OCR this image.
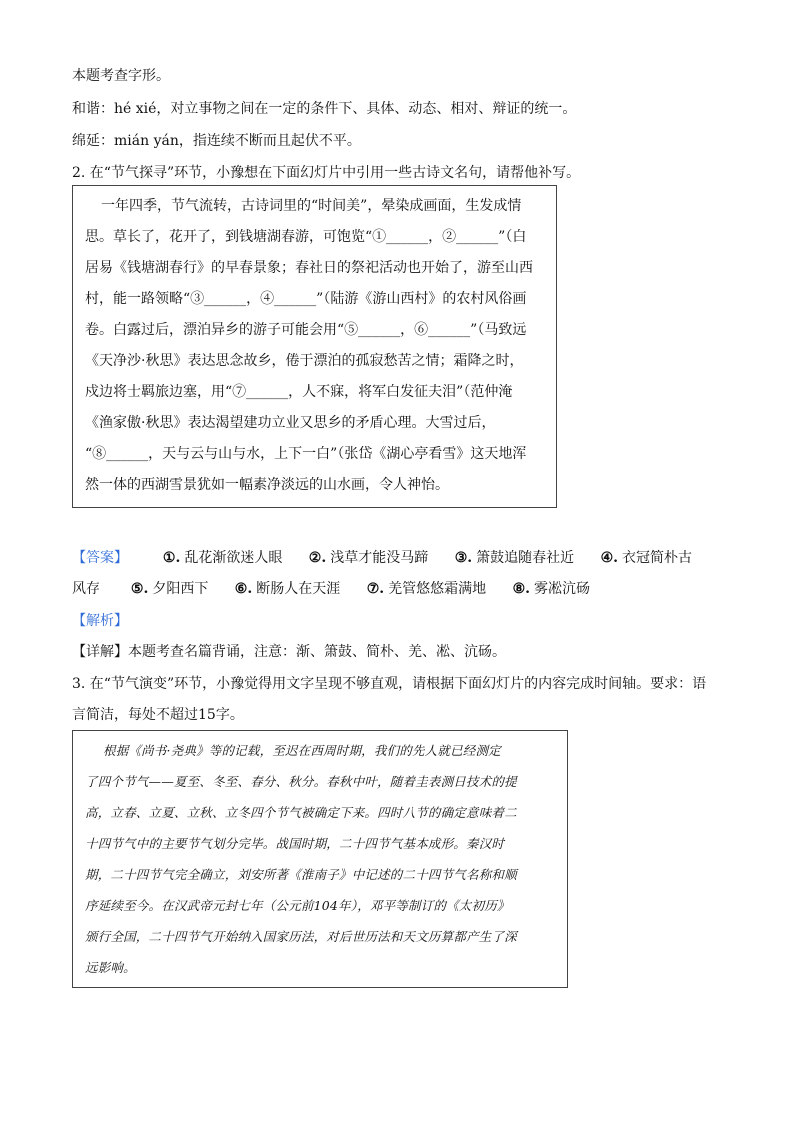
本题考查字形。
和谐：hé xié，对立事物之间在一定的条件下、具体、动态、相对、辩证的统一。
绵延：mián yán，指连续不断而且起伏不平。
2. 在“节气探寻”环节，小豫想在下面幻灯片中引用一些古诗文名句，请帮他补写。
一年四季，节气流转，古诗词里的“时间美”，晕染成画面，生发成情
思。草长了，花开了，到钱塘湖春游，可饱览“①______，②______”（白
居易《钱塘湖春行》的早春景象；春社日的祭祀活动也开始了，游至山西
村，能一路领略“③______，④______”（陆游《游山西村》的农村风俗画
卷。白露过后，漂泊异乡的游子可能会用“⑤______，⑥______”（马致远
《天净沙·秋思》表达思念故乡，倦于漂泊的孤寂愁苦之情；霜降之时，
戍边将士羁旅边塞，用“⑦______，人不寐，将军白发征夫泪”（范仲淹
《渔家傲·秋思》表达渴望建功立业又思乡的矛盾心理。大雪过后，
“⑧______，天与云与山与水，上下一白”（张岱《湖心亭看雪》这天地浑
然一体的西湖雪景犹如一幅素净淡远的山水画，令人神怡。
【答案】 ①. 乱花渐欲迷人眼 ②. 浅草才能没马蹄 ③. 箫鼓追随春社近 ④. 衣冠简朴古
风存 ⑤. 夕阳西下 ⑥. 断肠人在天涯 ⑦. 羌管悠悠霜满地 ⑧. 雾凇沆砀
【解析】
【详解】本题考查名篇背诵，注意：渐、箫鼓、简朴、羌、凇、沆砀。
3. 在“节气演变”环节，小豫觉得用文字呈现不够直观，请根据下面幻灯片的内容完成时间轴。要求：语
言简洁，每处不超过15字。
根据《尚书·尧典》等的记载，至迟在西周时期，我们的先人就已经测定
了四个节气——夏至、冬至、春分、秋分。春秋中叶，随着圭表测日技术的提
高，立春、立夏、立秋、立冬四个节气被确定下来。四时八节的确定意味着二
十四节气中的主要节气划分完毕。战国时期，二十四节气基本成形。秦汉时
期，二十四节气完全确立，刘安所著《淮南子》中记述的二十四节气名称和顺
序延续至今。在汉武帝元封七年（公元前104年），邓平等制订的《太初历》
颁行全国，二十四节气开始纳入国家历法，对后世历法和天文历算都产生了深
远影响。
